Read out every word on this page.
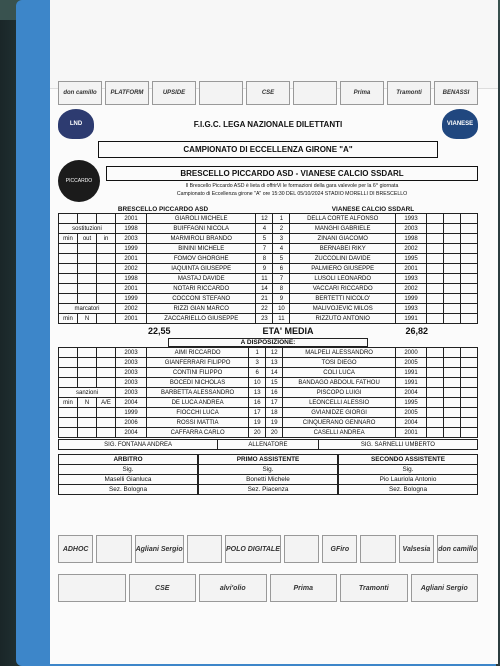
don camillo	PLATFORM	UPSIDE	CSE	Prima	Tramonti	BENASSI
LND	F.I.G.C. LEGA NAZIONALE DILETTANTI	VIANESE
CAMPIONATO DI ECCELLENZA GIRONE "A"
PICCARDO
BRESCELLO PICCARDO ASD - VIANESE CALCIO SSDARL
Il Brescello Piccardo ASD è lieta di offrirVi le formazioni della gara valevole per la 6^ giornata
Campionato di Eccellenza girone "A" ore 15:30 DEL 05/10/2024 STADIO MORELLI DI BRESCELLO
BRESCELLO PICCARDO ASD	VIANESE CALCIO SSDARL
			2001	GIAROLI MICHELE	12	1	DELLA CORTE ALFONSO	1993			
sostituzioni			1998	BUIFFAGNI NICOLA	4	2	MANGHI GABRIELE	2003			
min	out	in	2003	MARMIROLI BRANDO	5	3	ZINANI GIACOMO	1998			
			1999	BININI MICHELE	7	4	BERNABEI RIKY	2002			
			2001	FOMOV GHORGHE	8	5	ZUCCOLINI DAVIDE	1995			
			2002	IAQUINTA GIUSEPPE	9	6	PALMIERO GIUSEPPE	2001			
			1998	MASTAJ DAVIDE	11	7	LUSOLI LEONARDO	1993			
			2001	NOTARI RICCARDO	14	8	VACCARI RICCARDO	2002			
			1999	COCCONI STEFANO	21	9	BERTETTI NICOLO'	1999			
marcatori			2002	RIZZI GIAN MARCO	22	10	MALIVOJEVIC MILOS	1993			
min	N		2001	ZACCARIELLO GIUSEPPE	23	11	RIZZUTO ANTONIO	1991			
22,55	ETA' MEDIA	26,82
A DISPOSIZIONE:
			2003	AIMI RICCARDO	1	12	MALPELI ALESSANDRO	2000			
			2003	GIANFERRARI FILIPPO	3	13	TOSI DIEGO	2005			
			2003	CONTINI FILIPPO	6	14	COLI LUCA	1991			
			2003	BOCEDI NICHOLAS	10	15	BANDAGO ABDOUL FATHOU	1991			
sanzioni			2003	BARBETTA ALESSANDRO	13	16	PISCOPO LUIGI	2004			
min	N	A/E	2004	DE LUCA ANDREA	16	17	LEONCELLI ALESSIO	1995			
			1999	FIOCCHI LUCA	17	18	GVIANIDZE GIORGI	2005			
			2006	ROSSI MATTIA	19	19	CINQUERANO GENNARO	2004			
			2004	CAFFARRA CARLO	20	20	CASELLI ANDREA	2001			
SIG. FONTANA ANDREA	ALLENATORE	SIG. SARNELLI UMBERTO
ARBITRO
Sig.
Maselli Gianluca
Sez. Bologna
PRIMO ASSISTENTE
Sig.
Bonetti Michele
Sez. Piacenza
SECONDO ASSISTENTE
Sig.
Pio Lauriola Antonio
Sez. Bologna
ADHOC	Agliani Sergio	POLO DIGITALE	GFiro	Valsesia	don camillo
CSE	alvi'olio	Prima	Tramonti	Agliani Sergio
